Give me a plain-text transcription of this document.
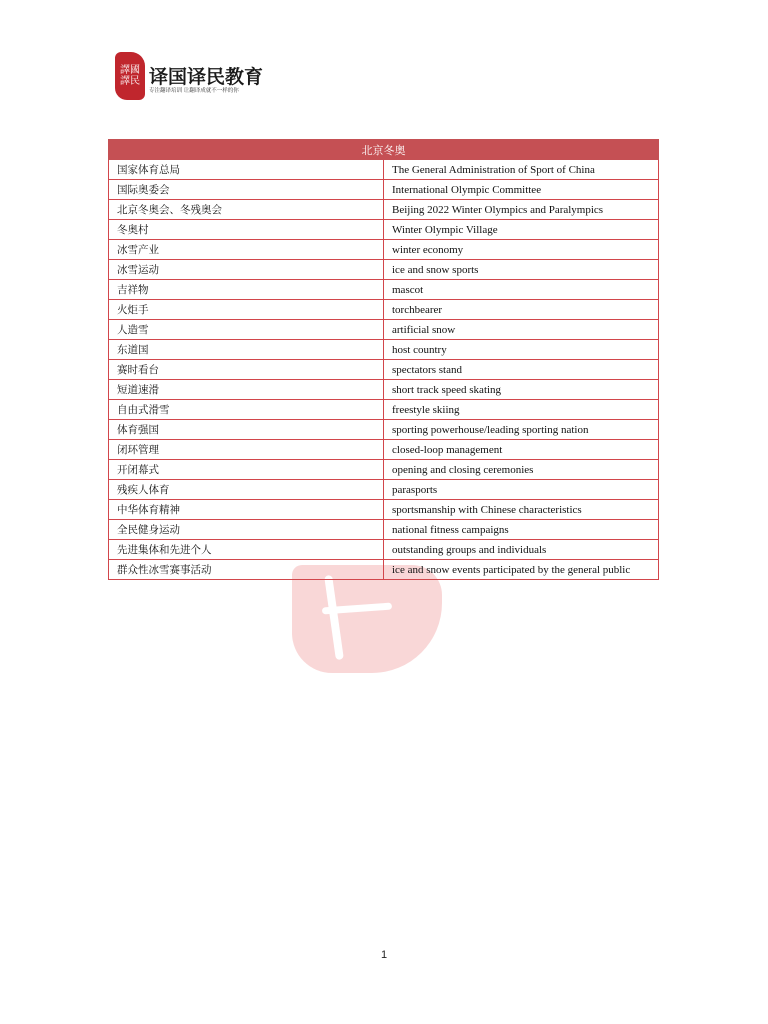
譯國
譯民 译国译民教育
专注翻译培训 让翻译成就不一样的你
北京冬奥	
国家体育总局	The General Administration of Sport of China
国际奥委会	International Olympic Committee
北京冬奥会、冬残奥会	Beijing 2022 Winter Olympics and Paralympics
冬奥村	Winter Olympic Village
冰雪产业	winter economy
冰雪运动	ice and snow sports
吉祥物	mascot
火炬手	torchbearer
人造雪	artificial snow
东道国	host country
赛时看台	spectators stand
短道速滑	short track speed skating
自由式滑雪	freestyle skiing
体育强国	sporting powerhouse/leading sporting nation
闭环管理	closed-loop management
开闭幕式	opening and closing ceremonies
残疾人体育	parasports
中华体育精神	sportsmanship with Chinese characteristics
全民健身运动	national fitness campaigns
先进集体和先进个人	outstanding groups and individuals
群众性冰雪赛事活动	ice and snow events participated by the general public
1
